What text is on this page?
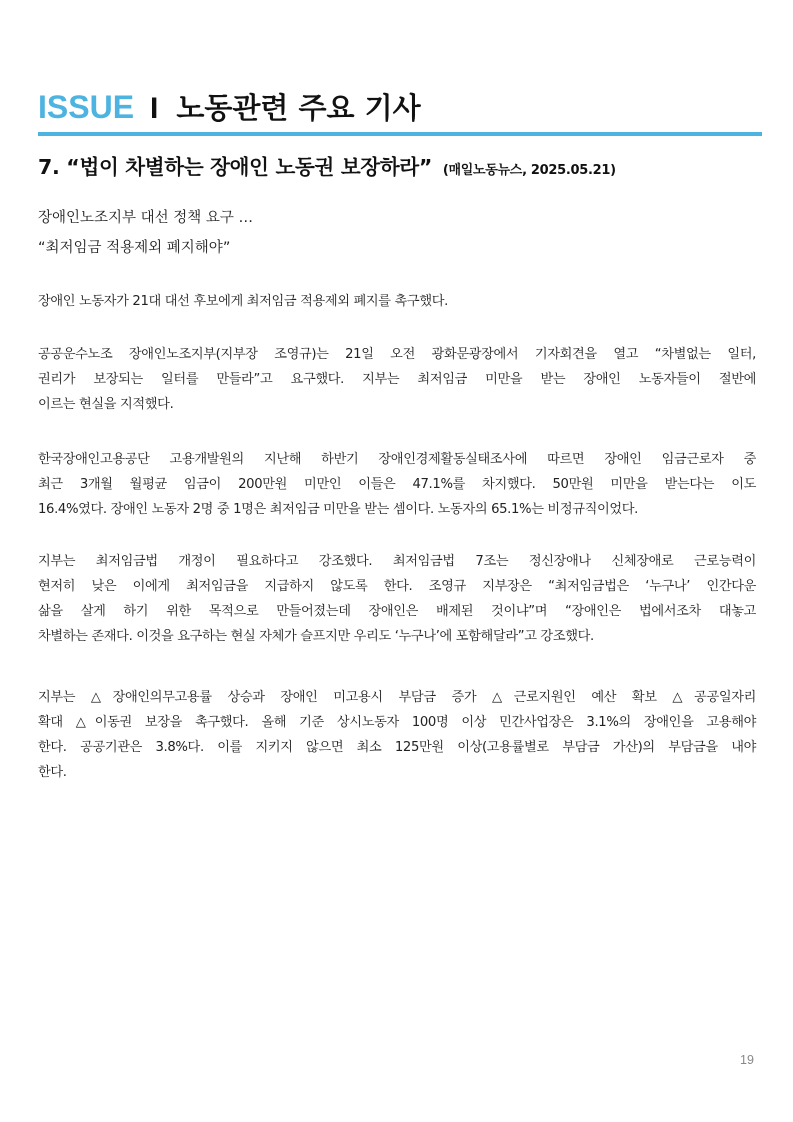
ISSUE I 노동관련 주요 기사
7. “법이 차별하는 장애인 노동권 보장하라” (매일노동뉴스, 2025.05.21)
장애인노조지부 대선 정책 요구 …
“최저임금 적용제외 폐지해야”
장애인 노동자가 21대 대선 후보에게 최저임금 적용제외 폐지를 촉구했다.
공공운수노조 장애인노조지부(지부장 조영규)는 21일 오전 광화문광장에서 기자회견을 열고 “차별없는 일터,
권리가 보장되는 일터를 만들라”고 요구했다. 지부는 최저임금 미만을 받는 장애인 노동자들이 절반에
이르는 현실을 지적했다.
한국장애인고용공단 고용개발원의 지난해 하반기 장애인경제활동실태조사에 따르면 장애인 임금근로자 중
최근 3개월 월평균 임금이 200만원 미만인 이들은 47.1%를 차지했다. 50만원 미만을 받는다는 이도
16.4%였다. 장애인 노동자 2명 중 1명은 최저임금 미만을 받는 셈이다. 노동자의 65.1%는 비정규직이었다.
지부는 최저임금법 개정이 필요하다고 강조했다. 최저임금법 7조는 정신장애나 신체장애로 근로능력이
현저히 낮은 이에게 최저임금을 지급하지 않도록 한다. 조영규 지부장은 “최저임금법은 ‘누구나’ 인간다운
삶을 살게 하기 위한 목적으로 만들어졌는데 장애인은 배제된 것이냐”며 “장애인은 법에서조차 대놓고
차별하는 존재다. 이것을 요구하는 현실 자체가 슬프지만 우리도 ‘누구나’에 포함해달라”고 강조했다.
지부는 △장애인의무고용률 상승과 장애인 미고용시 부담금 증가 △근로지원인 예산 확보 △공공일자리
확대 △이동권 보장을 촉구했다. 올해 기준 상시노동자 100명 이상 민간사업장은 3.1%의 장애인을 고용해야
한다. 공공기관은 3.8%다. 이를 지키지 않으면 최소 125만원 이상(고용률별로 부담금 가산)의 부담금을 내야
한다.
19
